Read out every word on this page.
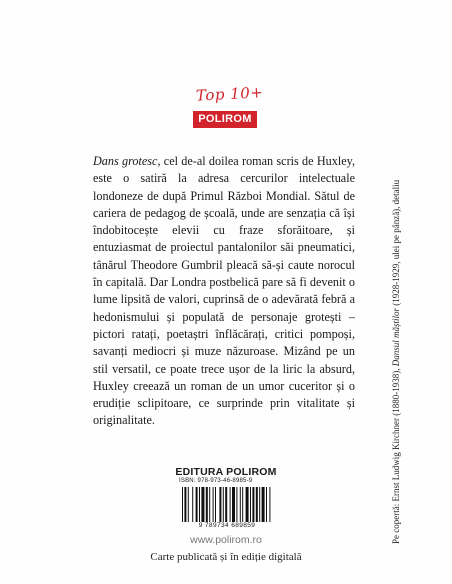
Top 10+
POLIROM

Dans grotesc, cel de-al doilea roman scris de Huxley, este o satiră la adresa cercurilor intelectuale londoneze de după Primul Război Mondial. Sătul de cariera de pedagog de școală, unde are senzația că își îndobitocește elevii cu fraze sforăitoare, și entuziasmat de proiectul pantalonilor săi pneumatici, tânărul Theodore Gumbril pleacă să-și caute norocul în capitală. Dar Londra postbelică pare să fi devenit o lume lipsită de valori, cuprinsă de o adevărată febră a hedonismului și populată de personaje grotești – pictori ratați, poetaștri înflăcărați, critici pompoși, savanți mediocri și muze năzuroase. Mizând pe un stil versatil, ce poate trece ușor de la liric la absurd, Huxley creează un roman de un umor cuceritor și o erudiție sclipitoare, ce surprinde prin vitalitate și originalitate.	Pe copertă: Ernst Ludwig Kirchner (1880-1938), Dansul măștilor (1928-1929, ulei pe pânză), detaliu
EDITURA POLIROM
ISBN: 978-973-46-8985-9
9 789734 689859
www.polirom.ro
Carte publicată și în ediție digitală
